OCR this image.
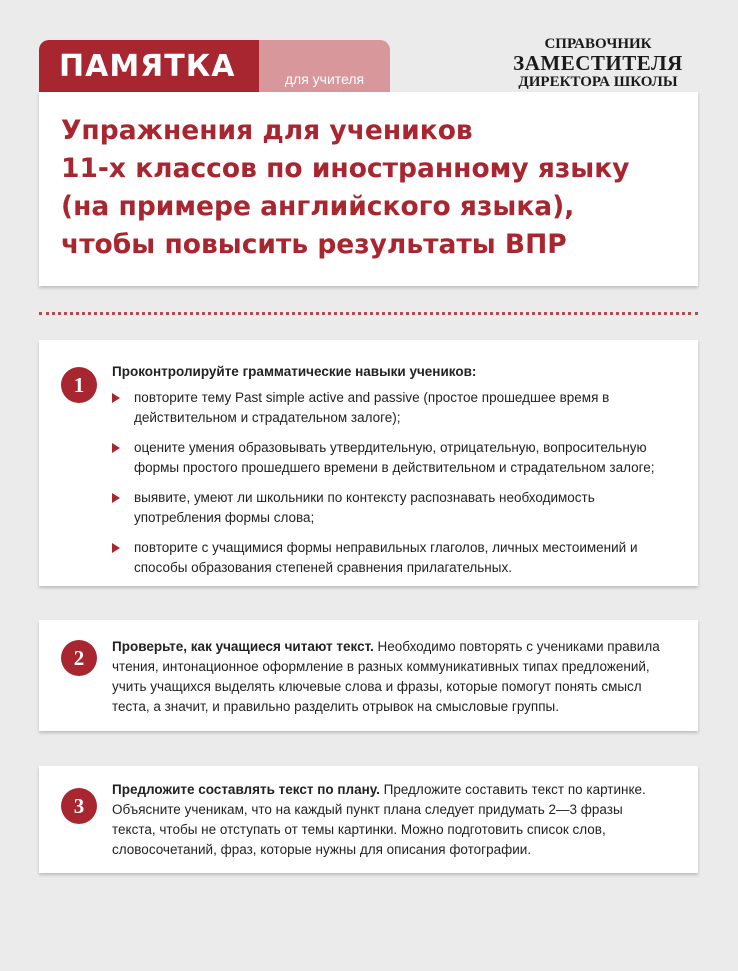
ПАМЯТКА	для учителя
СПРАВОЧНИК
ЗАМЕСТИТЕЛЯ
ДИРЕКТОРА ШКОЛЫ
Упражнения для учеников
11-х классов по иностранному языку
(на примере английского языка),
чтобы повысить результаты ВПР
1

Проконтролируйте грамматические навыки учеников:

повторите тему Past simple active and passive (простое прошедшее время в действительном и страдательном залоге);
оцените умения образовывать утвердительную, отрицательную, вопросительную формы простого прошедшего времени в действительном и страдательном залоге;
выявите, умеют ли школьники по контексту распознавать необходимость употребления формы слова;
повторите с учащимися формы неправильных глаголов, личных местоимений и способы образования степеней сравнения прилагательных.
2	Проверьте, как учащиеся читают текст. Необходимо повторять с учениками правила чтения, интонационное оформление в разных коммуникативных типах предложений, учить учащихся выделять ключевые слова и фразы, которые помогут понять смысл теста, а значит, и правильно разделить отрывок на смысловые группы.
3
Предложите составлять текст по плану. Предложите составить текст по картинке. Объясните ученикам, что на каждый пункт плана следует придумать 2—3 фразы текста, чтобы не отступать от темы картинки. Можно подготовить список слов, словосочетаний, фраз, которые нужны для описания фотографии.
